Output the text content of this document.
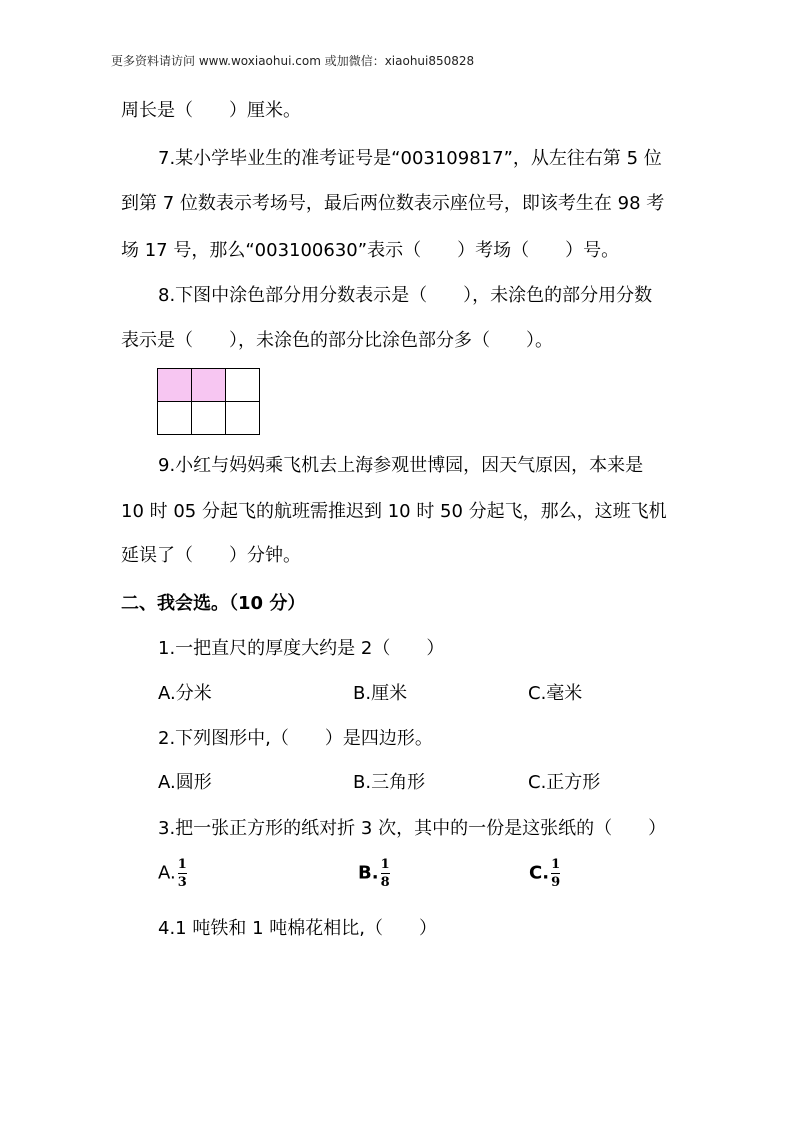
更多资料请访问 www.woxiaohui.com 或加微信：xiaohui850828
周长是（　　）厘米。
7.某小学毕业生的准考证号是“003109817”，从左往右第 5 位
到第 7 位数表示考场号，最后两位数表示座位号，即该考生在 98 考
场 17 号，那么“003100630”表示（　　）考场（　　）号。
8.下图中涂色部分用分数表示是（　　），未涂色的部分用分数
表示是（　　），未涂色的部分比涂色部分多（　　）。

9.小红与妈妈乘飞机去上海参观世博园，因天气原因，本来是
10 时 05 分起飞的航班需推迟到 10 时 50 分起飞，那么，这班飞机
延误了（　　）分钟。
二、我会选。（10 分）
1.一把直尺的厚度大约是 2（　　）
A.分米	B.厘米	C.毫米
2.下列图形中,（　　）是四边形。
A.圆形	B.三角形	C.正方形
3.把一张正方形的纸对折 3 次，其中的一份是这张纸的（　　）
A. $\frac{1}{3}$	B. $\frac{1}{8}$	C. $\frac{1}{9}$
4.1 吨铁和 1 吨棉花相比,（　　）
